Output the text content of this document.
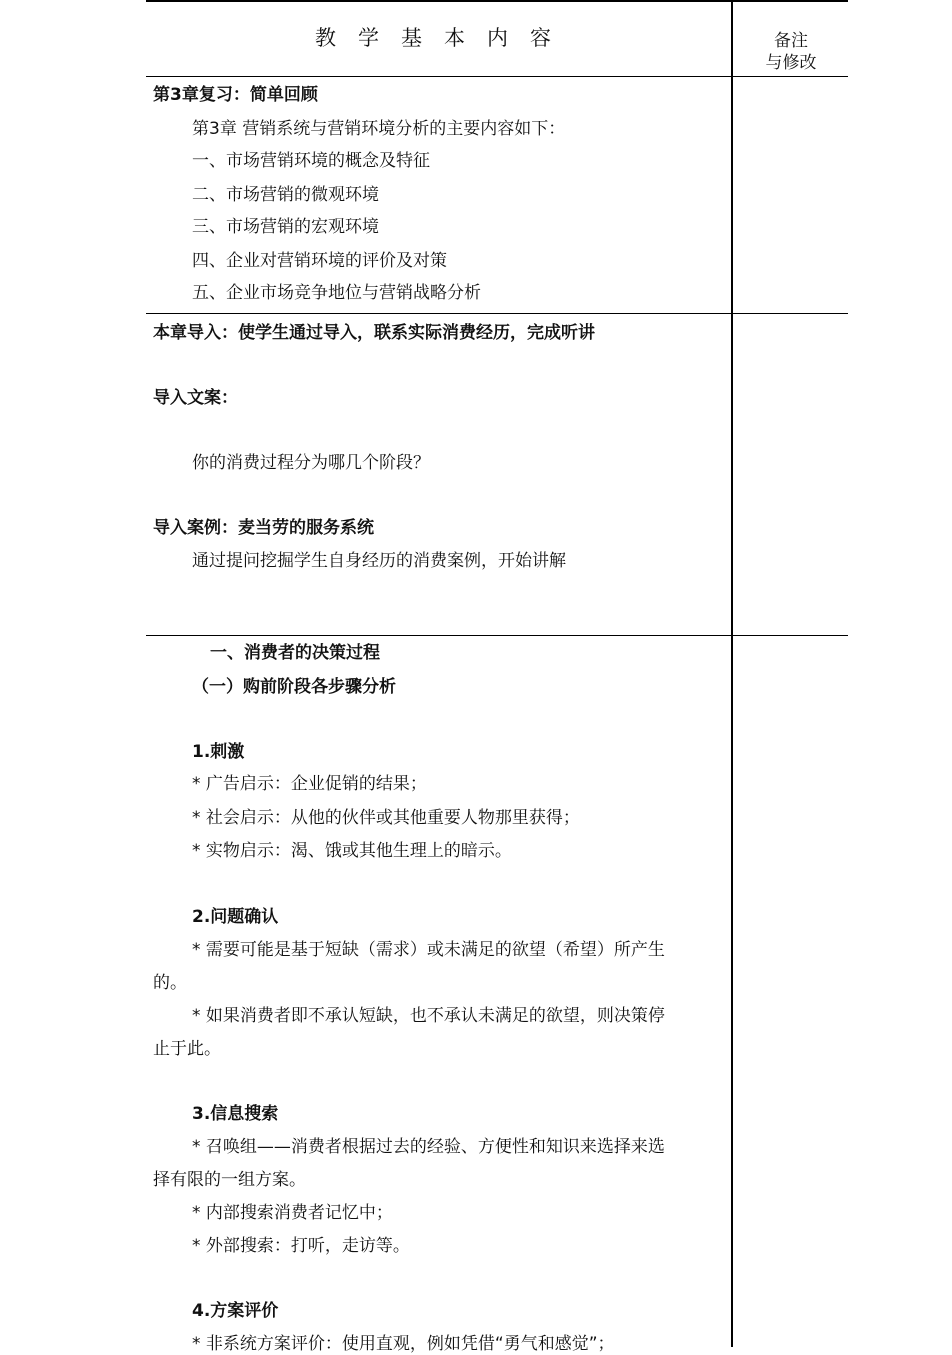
教学基本内容	备注
与修改
第3章复习：简单回顾
第3章 营销系统与营销环境分析的主要内容如下：
一、市场营销环境的概念及特征
二、市场营销的微观环境
三、市场营销的宏观环境
四、企业对营销环境的评价及对策
五、企业市场竞争地位与营销战略分析
本章导入：使学生通过导入，联系实际消费经历，完成听讲
导入文案：
你的消费过程分为哪几个阶段？
导入案例：麦当劳的服务系统
通过提问挖掘学生自身经历的消费案例，开始讲解
一、消费者的决策过程
（一）购前阶段各步骤分析
1.刺激
* 广告启示：企业促销的结果；
* 社会启示：从他的伙伴或其他重要人物那里获得；
* 实物启示：渴、饿或其他生理上的暗示。
2.问题确认
* 需要可能是基于短缺（需求）或未满足的欲望（希望）所产生
的。
* 如果消费者即不承认短缺，也不承认未满足的欲望，则决策停
止于此。
3.信息搜索
* 召唤组——消费者根据过去的经验、方便性和知识来选择来选
择有限的一组方案。
* 内部搜索消费者记忆中；
* 外部搜索：打听，走访等。
4.方案评价
* 非系统方案评价：使用直观，例如凭借“勇气和感觉”；
